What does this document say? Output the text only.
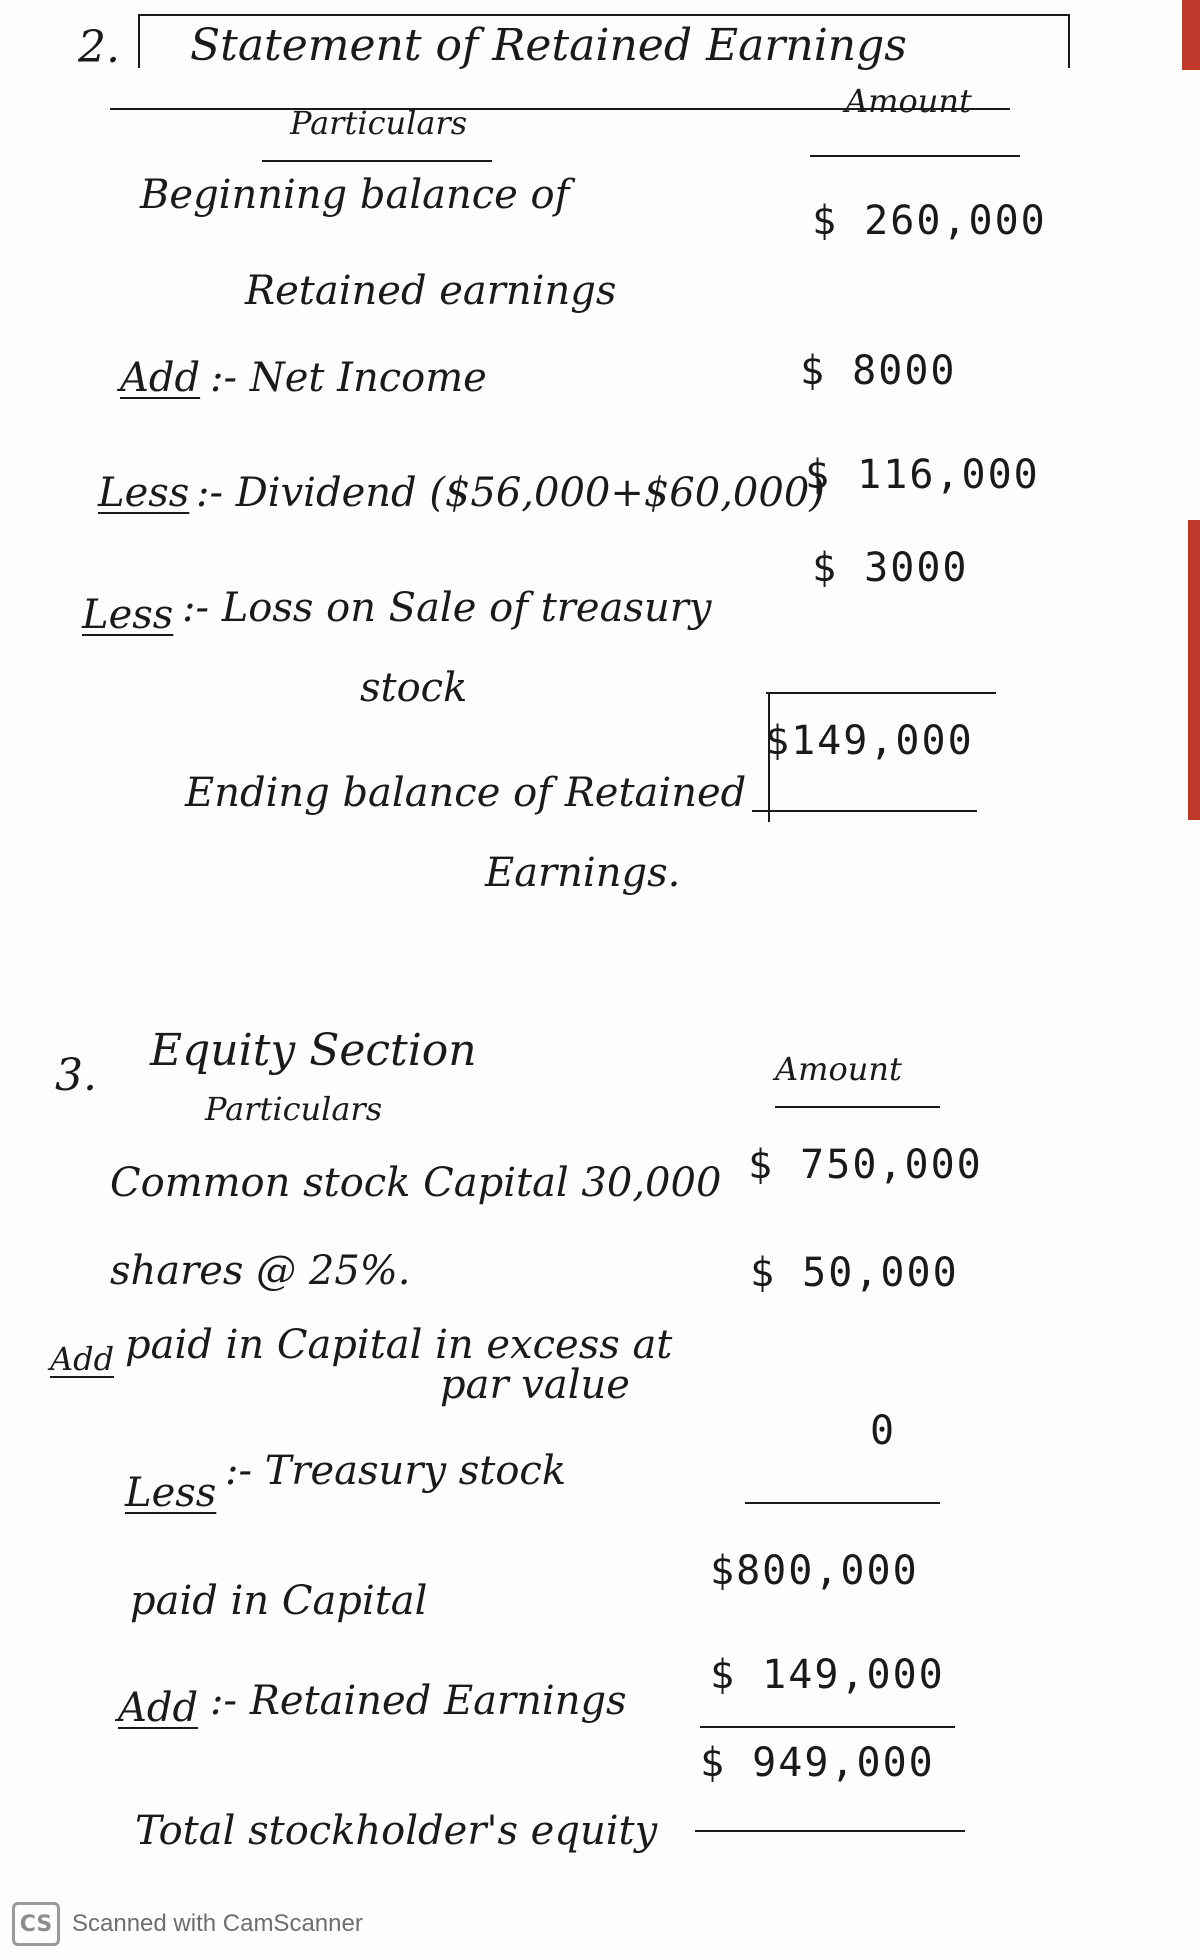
2. Statement of Retained Earnings
Particulars
Amount
Beginning balance of
Retained earnings
$ 260,000
Add :- Net Income	$ 8000
Less :- Dividend ($56,000+$60,000)
$ 116,000
Less :- Loss on Sale of treasury
stock
$ 3000
Ending balance of Retained
Earnings.
$149,000
3. Equity Section
Particulars
Amount
Common stock Capital 30,000
shares @ 25%.
$ 750,000
Add paid in Capital in excess at
par value
$ 50,000
Less :- Treasury stock
0
paid in Capital
$800,000
Add :- Retained Earnings
$ 149,000
Total stockholder's equity
$ 949,000
CS Scanned with CamScanner
